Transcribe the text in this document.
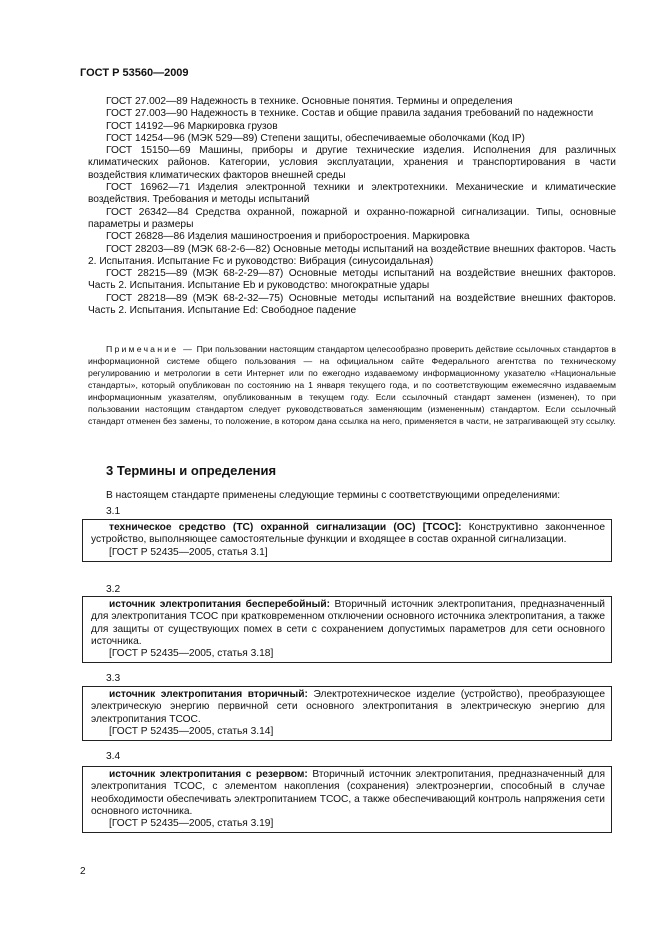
ГОСТ Р 53560—2009

ГОСТ 27.002—89 Надежность в технике. Основные понятия. Термины и определения

ГОСТ 27.003—90 Надежность в технике. Состав и общие правила задания требований по надежности

ГОСТ 14192—96 Маркировка грузов

ГОСТ 14254—96 (МЭК 529—89) Степени защиты, обеспечиваемые оболочками (Код IP)

ГОСТ 15150—69 Машины, приборы и другие технические изделия. Исполнения для различных климатических районов. Категории, условия эксплуатации, хранения и транспортирования в части воздействия климатических факторов внешней среды

ГОСТ 16962—71 Изделия электронной техники и электротехники. Механические и климатические воздействия. Требования и методы испытаний

ГОСТ 26342—84 Средства охранной, пожарной и охранно-пожарной сигнализации. Типы, основные параметры и размеры

ГОСТ 26828—86 Изделия машиностроения и приборостроения. Маркировка

ГОСТ 28203—89 (МЭК 68-2-6—82) Основные методы испытаний на воздействие внешних факторов. Часть 2. Испытания. Испытание Fc и руководство: Вибрация (синусоидальная)

ГОСТ 28215—89 (МЭК 68-2-29—87) Основные методы испытаний на воздействие внешних факторов. Часть 2. Испытания. Испытание Eb и руководство: многократные удары

ГОСТ 28218—89 (МЭК 68-2-32—75) Основные методы испытаний на воздействие внешних факторов. Часть 2. Испытания. Испытание Ed: Свободное падение

Примечание — При пользовании настоящим стандартом целесообразно проверить действие ссылочных стандартов в информационной системе общего пользования — на официальном сайте Федерального агентства по техническому регулированию и метрологии в сети Интернет или по ежегодно издаваемому информационному указателю «Национальные стандарты», который опубликован по состоянию на 1 января текущего года, и по соответствующим ежемесячно издаваемым информационным указателям, опубликованным в текущем году. Если ссылочный стандарт заменен (изменен), то при пользовании настоящим стандартом следует руководствоваться заменяющим (измененным) стандартом. Если ссылочный стандарт отменен без замены, то положение, в котором дана ссылка на него, применяется в части, не затрагивающей эту ссылку.

3 Термины и определения
В настоящем стандарте применены следующие термины с соответствующими определениями:
3.1

техническое средство (ТС) охранной сигнализации (ОС) [ТСОС]: Конструктивно законченное устройство, выполняющее самостоятельные функции и входящее в состав охранной сигнализации.

[ГОСТ Р 52435—2005, статья 3.1]

3.2

источник электропитания бесперебойный: Вторичный источник электропитания, предназначенный для электропитания ТСОС при кратковременном отключении основного источника электропитания, а также для защиты от существующих помех в сети с сохранением допустимых параметров для сети основного источника.

[ГОСТ Р 52435—2005, статья 3.18]

3.3

источник электропитания вторичный: Электротехническое изделие (устройство), преобразующее электрическую энергию первичной сети основного электропитания в электрическую энергию для электропитания ТСОС.

[ГОСТ Р 52435—2005, статья 3.14]

3.4

источник электропитания с резервом: Вторичный источник электропитания, предназначенный для электропитания ТСОС, с элементом накопления (сохранения) электроэнергии, способный в случае необходимости обеспечивать электропитанием ТСОС, а также обеспечивающий контроль напряжения сети основного источника.

[ГОСТ Р 52435—2005, статья 3.19]

2
